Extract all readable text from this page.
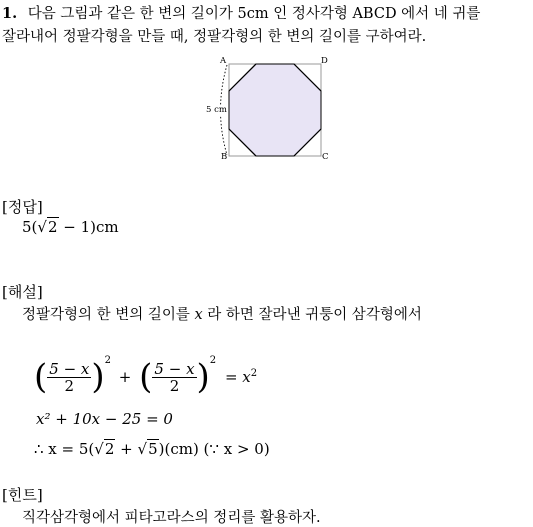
1. 다음 그림과 같은 한 변의 길이가 5cm 인 정사각형 ABCD 에서 네 귀를
잘라내어 정팔각형을 만들 때, 정팔각형의 한 변의 길이를 구하여라.
A	D
B	C
5 cm
[정답]
5(√2 − 1)cm
[해설]
정팔각형의 한 변의 길이를 x 라 하면 잘라낸 귀퉁이 삼각형에서
( $\frac{5 - x}{2} )^2$ + ( $\frac{5 - x}{2} )^2 = x^2$
x² + 10x − 25 = 0
∴ x = 5(√2 + √5)(cm) (∵ x > 0)
[힌트]
직각삼각형에서 피타고라스의 정리를 활용하자.
